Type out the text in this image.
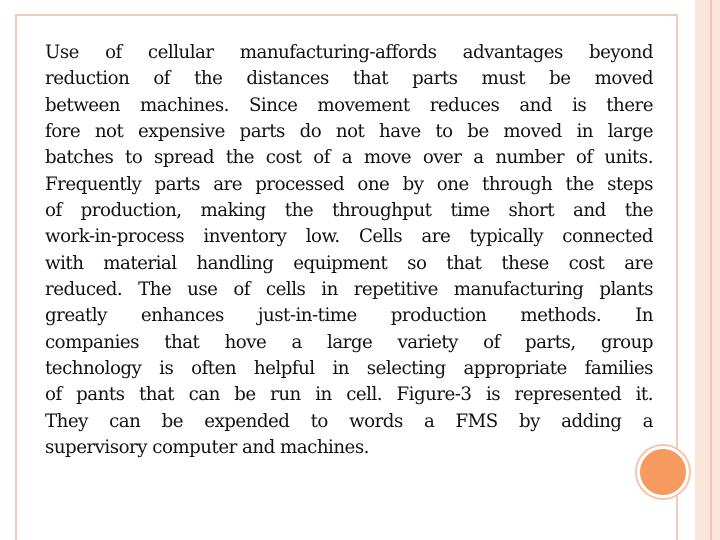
Use of cellular manufacturing-affords advantages beyond
reduction of the distances that parts must be moved
between machines. Since movement reduces and is there
fore not expensive parts do not have to be moved in large
batches to spread the cost of a move over a number of units.
Frequently parts are processed one by one through the steps
of production, making the throughput time short and the
work-in-process inventory low. Cells are typically connected
with material handling equipment so that these cost are
reduced. The use of cells in repetitive manufacturing plants
greatly enhances just-in-time production methods. In
companies that hove a large variety of parts, group
technology is often helpful in selecting appropriate families
of pants that can be run in cell. Figure-3 is represented it.
They can be expended to words a FMS by adding a
supervisory computer and machines.
